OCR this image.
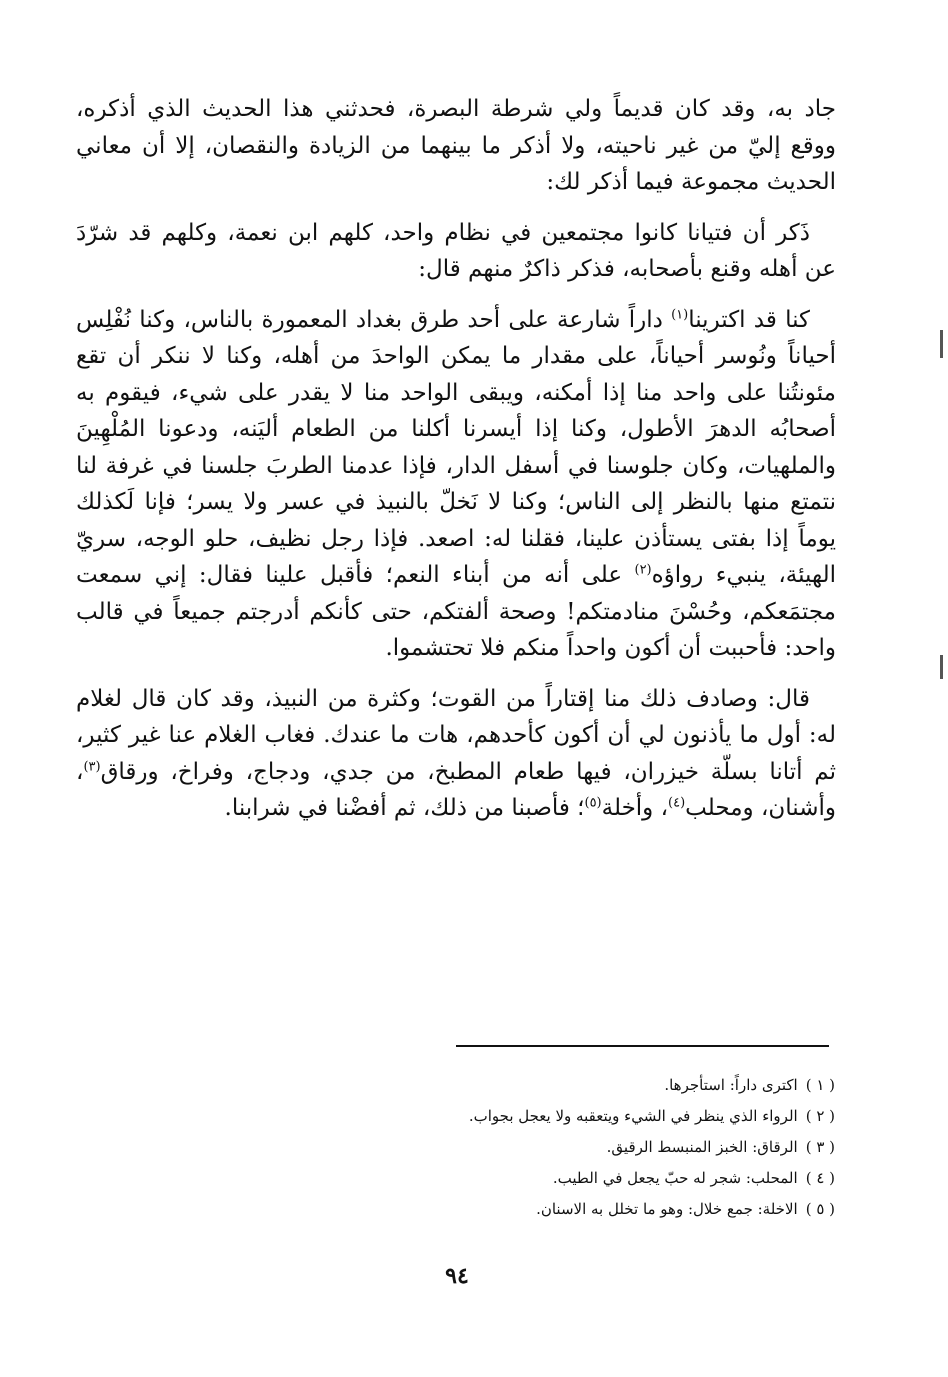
جاد به، وقد كان قديماً ولي شرطة البصرة، فحدثني هذا الحديث الذي أذكره، ووقع إليّ من غير ناحيته، ولا أذكر ما بينهما من الزيادة والنقصان، إلا أن معاني الحديث مجموعة فيما أذكر لك:

ذَكر أن فتيانا كانوا مجتمعين في نظام واحد، كلهم ابن نعمة، وكلهم قد شرّدَ عن أهله وقنع بأصحابه، فذكر ذاكرٌ منهم قال:

كنا قد اكترينا$^{(١)}$ داراً شارعة على أحد طرق بغداد المعمورة بالناس، وكنا نُفْلِس أحياناً ونُوسر أحياناً، على مقدار ما يمكن الواحدَ من أهله، وكنا لا ننكر أن تقع مئونتُنا على واحد منا إذا أمكنه، ويبقى الواحد منا لا يقدر على شيء، فيقوم به أصحابُه الدهرَ الأطول، وكنا إذا أيسرنا أكلنا من الطعام أليَنه، ودعونا المُلْهِينَ والملهيات، وكان جلوسنا في أسفل الدار، فإذا عدمنا الطربَ جلسنا في غرفة لنا نتمتع منها بالنظر إلى الناس؛ وكنا لا نَخلّ بالنبيذ في عسر ولا يسر؛ فإنا لَكذلك يوماً إذا بفتى يستأذن علينا، فقلنا له: اصعد. فإذا رجل نظيف، حلو الوجه، سريّ الهيئة، ينبيء رواؤه$^{(٢)}$ على أنه من أبناء النعم؛ فأقبل علينا فقال: إني سمعت مجتمَعكم، وحُسْنَ منادمتكم! وصحة ألفتكم، حتى كأنكم أدرجتم جميعاً في قالب واحد: فأحببت أن أكون واحداً منكم فلا تحتشموا.

قال: وصادف ذلك منا إقتاراً من القوت؛ وكثرة من النبيذ، وقد كان قال لغلام له: أول ما يأذنون لي أن أكون كأحدهم، هات ما عندك. فغاب الغلام عنا غير كثير، ثم أتانا بسلّة خيزران، فيها طعام المطبخ، من جدي، ودجاج، وفراخ، ورقاق$^{(٣)}$، وأشنان، ومحلب$^{(٤)}$، وأخلة$^{(٥)}$؛ فأصبنا من ذلك، ثم أفضْنا في شرابنا.

( ١ )اكترى داراً: استأجرها.
( ٢ )الرواء الذي ينظر في الشيء ويتعقبه ولا يعجل بجواب.
( ٣ )الرقاق: الخبز المنبسط الرقيق.
( ٤ )المحلب: شجر له حبّ يجعل في الطيب.
( ٥ )الاخلة: جمع خلال: وهو ما تخلل به الاسنان.
٩٤
